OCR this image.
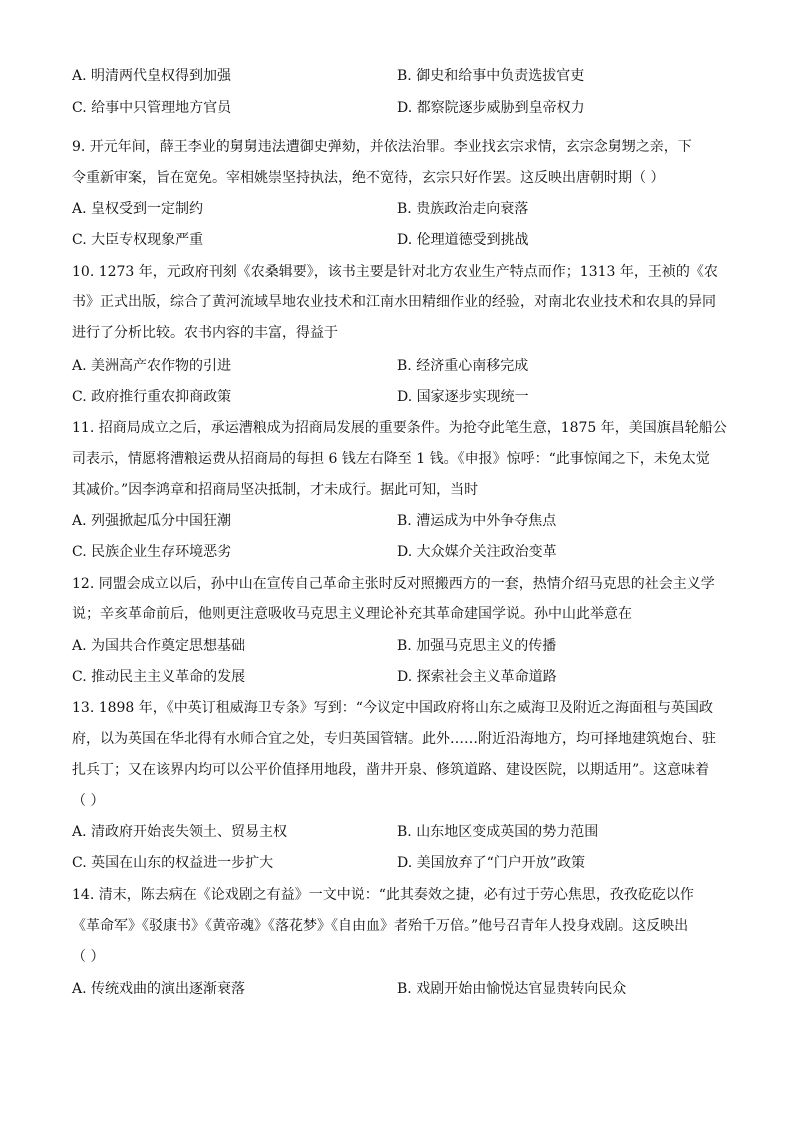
A. 明清两代皇权得到加强	B. 御史和给事中负责选拔官吏
C. 给事中只管理地方官员	D. 都察院逐步威胁到皇帝权力
9. 开元年间，薛王李业的舅舅违法遭御史弹劾，并依法治罪。李业找玄宗求情，玄宗念舅甥之亲，下
令重新审案，旨在宽免。宰相姚崇坚持执法，绝不宽待，玄宗只好作罢。这反映出唐朝时期（ ）
A. 皇权受到一定制约	B. 贵族政治走向衰落
C. 大臣专权现象严重	D. 伦理道德受到挑战
10. 1273 年，元政府刊刻《农桑辑要》，该书主要是针对北方农业生产特点而作；1313 年，王祯的《农
书》正式出版，综合了黄河流域旱地农业技术和江南水田精细作业的经验，对南北农业技术和农具的异同
进行了分析比较。农书内容的丰富，得益于
A. 美洲高产农作物的引进	B. 经济重心南移完成
C. 政府推行重农抑商政策	D. 国家逐步实现统一
11. 招商局成立之后，承运漕粮成为招商局发展的重要条件。为抢夺此笔生意，1875 年，美国旗昌轮船公
司表示，情愿将漕粮运费从招商局的每担 6 钱左右降至 1 钱。《申报》惊呼：“此事惊闻之下，未免太觉
其减价。”因李鸿章和招商局坚决抵制，才未成行。据此可知，当时
A. 列强掀起瓜分中国狂潮	B. 漕运成为中外争夺焦点
C. 民族企业生存环境恶劣	D. 大众媒介关注政治变革
12. 同盟会成立以后，孙中山在宣传自己革命主张时反对照搬西方的一套，热情介绍马克思的社会主义学
说；辛亥革命前后，他则更注意吸收马克思主义理论补充其革命建国学说。孙中山此举意在
A. 为国共合作奠定思想基础	B. 加强马克思主义的传播
C. 推动民主主义革命的发展	D. 探索社会主义革命道路
13. 1898 年，《中英订租威海卫专条》写到：“今议定中国政府将山东之威海卫及附近之海面租与英国政
府，以为英国在华北得有水师合宜之处，专归英国管辖。此外……附近沿海地方，均可择地建筑炮台、驻
扎兵丁；又在该界内均可以公平价值择用地段，凿井开泉、修筑道路、建设医院，以期适用”。这意味着
（ ）
A. 清政府开始丧失领土、贸易主权	B. 山东地区变成英国的势力范围
C. 英国在山东的权益进一步扩大	D. 美国放弃了“门户开放”政策
14. 清末，陈去病在《论戏剧之有益》一文中说：“此其奏效之捷，必有过于劳心焦思，孜孜矻矻以作
《革命军》《驳康书》《黄帝魂》《落花梦》《自由血》者殆千万倍。”他号召青年人投身戏剧。这反映出
（ ）
A. 传统戏曲的演出逐渐衰落	B. 戏剧开始由愉悦达官显贵转向民众
